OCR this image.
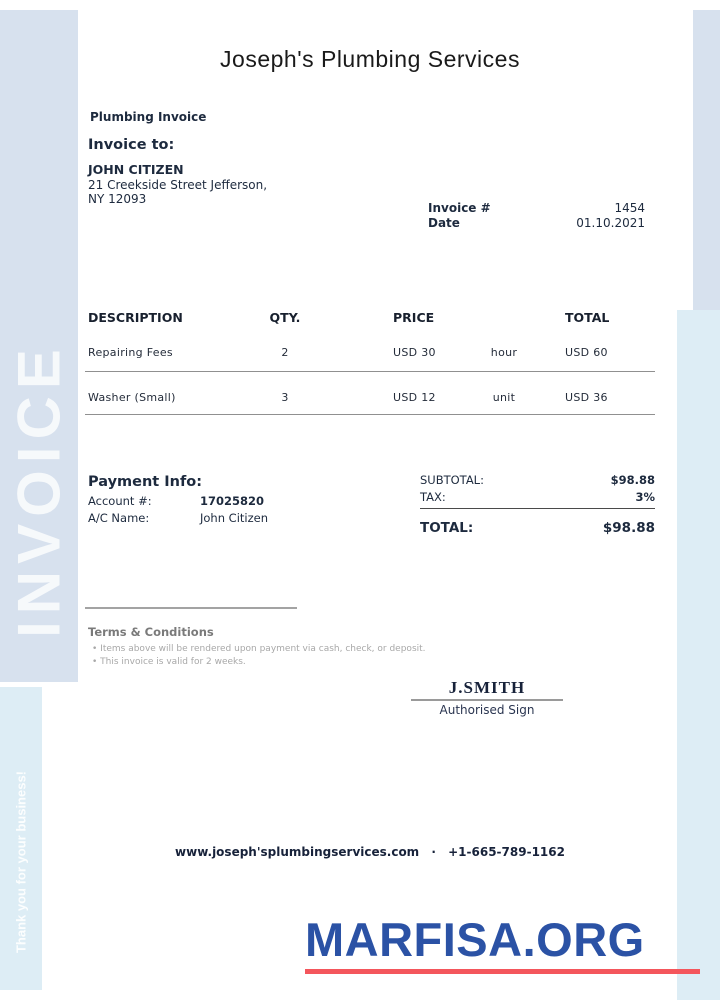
INVOICE
Thank you for your business!
Joseph's Plumbing Services
Plumbing Invoice
Invoice to:
JOHN CITIZEN
21 Creekside Street Jefferson,
NY 12093
Invoice #	1454
Date	01.10.2021
DESCRIPTION	QTY.	PRICE	TOTAL
Repairing Fees	2	USD 30	hour	USD 60
Washer (Small)	3	USD 12	unit	USD 36
Payment Info:
Account #:	17025820
A/C Name:	John Citizen
SUBTOTAL:	$98.88
TAX:	3%
TOTAL:	$98.88
Terms & Conditions
• Items above will be rendered upon payment via cash, check, or deposit.
• This invoice is valid for 2 weeks.
J.SMITH
Authorised Sign
www.joseph'splumbingservices.com · +1-665-789-1162
MARFISA.ORG
